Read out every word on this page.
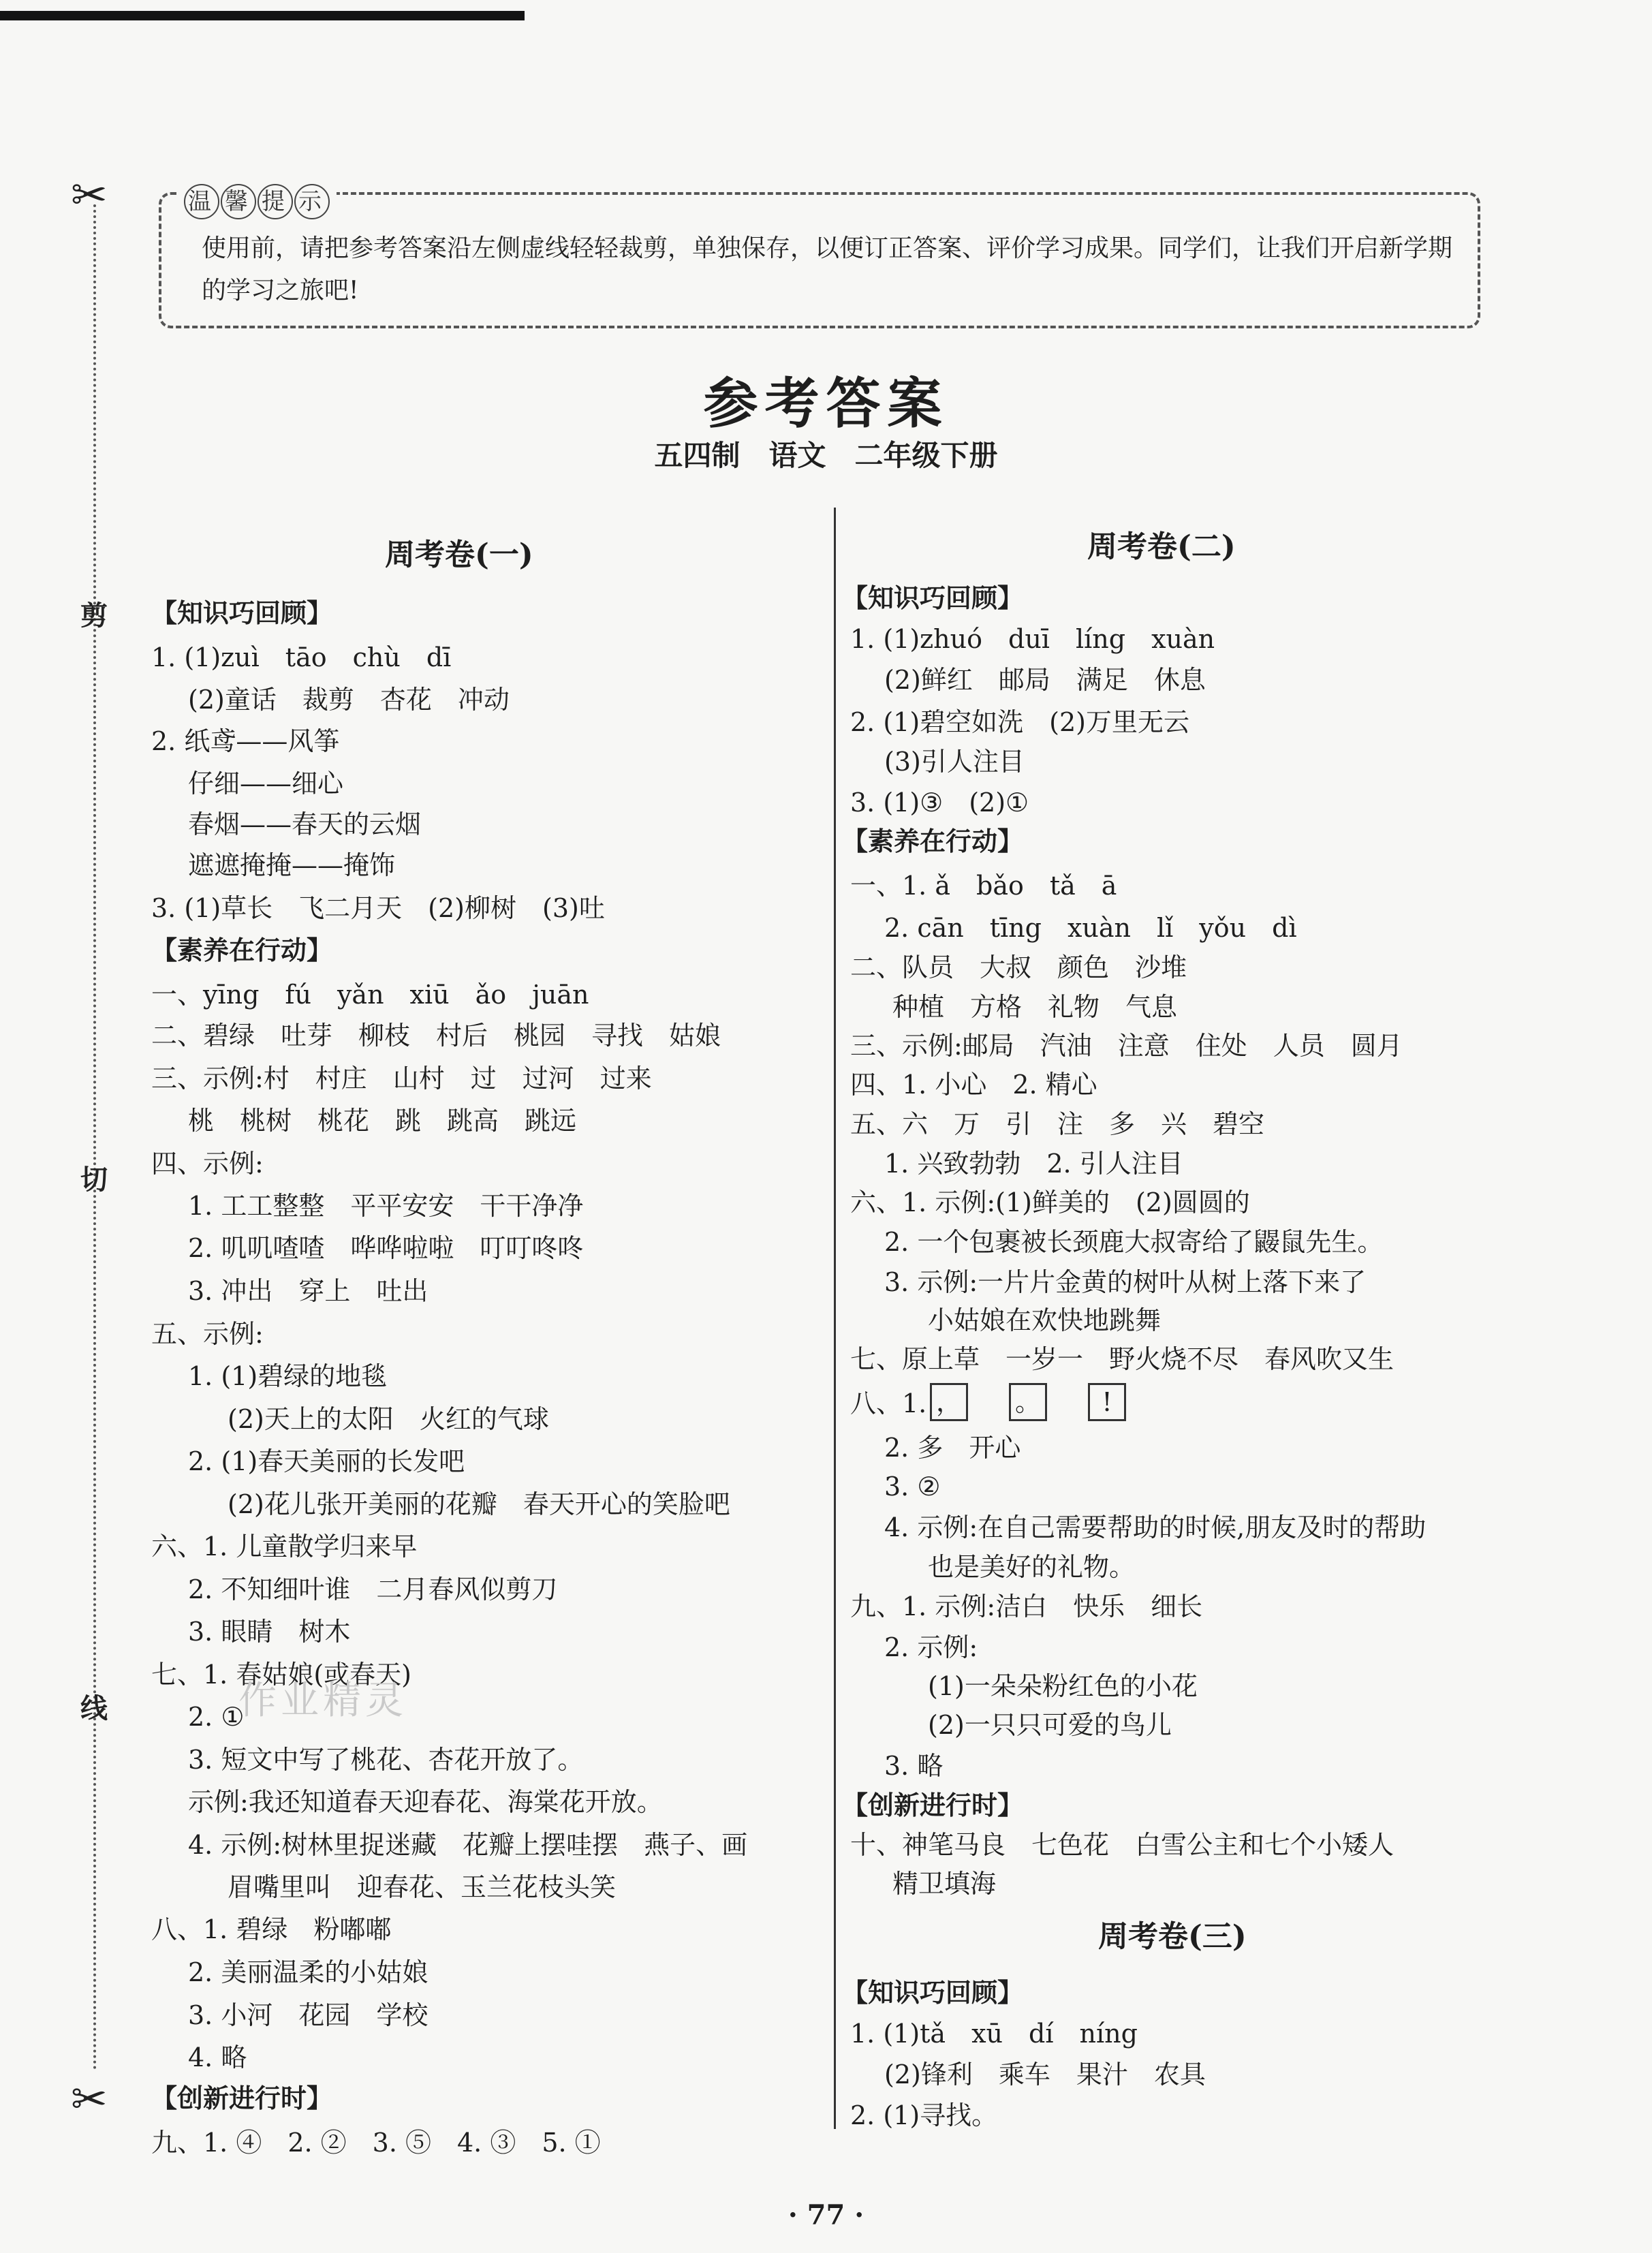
✂
✂
剪
切
线
温 馨 提 示
使用前，请把参考答案沿左侧虚线轻轻裁剪，单独保存，以便订正答案、评价学习成果。同学们，让我们开启新学期的学习之旅吧!
参考答案
五四制　语文　二年级下册
周考卷(一)	周考卷(二)
周考卷(三)
【知识巧回顾】
1. (1)zuì　tāo　chù　dī
(2)童话　裁剪　杏花　冲动
2. 纸鸢——风筝
仔细——细心
春烟——春天的云烟
遮遮掩掩——掩饰
3. (1)草长　飞二月天　(2)柳树　(3)吐
【素养在行动】
一、yīng　fú　yǎn　xiū　ǎo　juān
二、碧绿　吐芽　柳枝　村后　桃园　寻找　姑娘
三、示例:村　村庄　山村　过　过河　过来
桃　桃树　桃花　跳　跳高　跳远
四、示例:
1. 工工整整　平平安安　干干净净
2. 叽叽喳喳　哗哗啦啦　叮叮咚咚
3. 冲出　穿上　吐出
五、示例:
1. (1)碧绿的地毯
(2)天上的太阳　火红的气球
2. (1)春天美丽的长发吧
(2)花儿张开美丽的花瓣　春天开心的笑脸吧
六、1. 儿童散学归来早
2. 不知细叶谁　二月春风似剪刀
3. 眼睛　树木
七、1. 春姑娘(或春天)
2. ①
3. 短文中写了桃花、杏花开放了。
示例:我还知道春天迎春花、海棠花开放。
4. 示例:树林里捉迷藏　花瓣上摆哇摆　燕子、画
眉嘴里叫　迎春花、玉兰花枝头笑
八、1. 碧绿　粉嘟嘟
2. 美丽温柔的小姑娘
3. 小河　花园　学校
4. 略
【创新进行时】
九、1. ④　2. ②　3. ⑤　4. ③　5. ①
【知识巧回顾】
1. (1)zhuó　duī　líng　xuàn
(2)鲜红　邮局　满足　休息
2. (1)碧空如洗　(2)万里无云
(3)引人注目
3. (1)③　(2)①
【素养在行动】
一、1. ǎ　bǎo　tǎ　ā
2. cān　tīng　xuàn　lǐ　yǒu　dì
二、队员　大叔　颜色　沙堆
种植　方格　礼物　气息
三、示例:邮局　汽油　注意　住处　人员　圆月
四、1. 小心　2. 精心
五、六　万　引　注　多　兴　碧空
1. 兴致勃勃　2. 引人注目
六、1. 示例:(1)鲜美的　(2)圆圆的
2. 一个包裹被长颈鹿大叔寄给了鼹鼠先生。
3. 示例:一片片金黄的树叶从树上落下来了
小姑娘在欢快地跳舞
七、原上草　一岁一　野火烧不尽　春风吹又生
八、1.
2. 多　开心
3. ②
4. 示例:在自己需要帮助的时候,朋友及时的帮助
也是美好的礼物。
九、1. 示例:洁白　快乐　细长
2. 示例:
(1)一朵朵粉红色的小花
(2)一只只可爱的鸟儿
3. 略
【创新进行时】
十、神笔马良　七色花　白雪公主和七个小矮人
精卫填海
【知识巧回顾】
1. (1)tǎ　xū　dí　níng
(2)锋利　乘车　果汁　农具
2. (1)寻找。
， 。 !
作业精灵
· 77 ·
